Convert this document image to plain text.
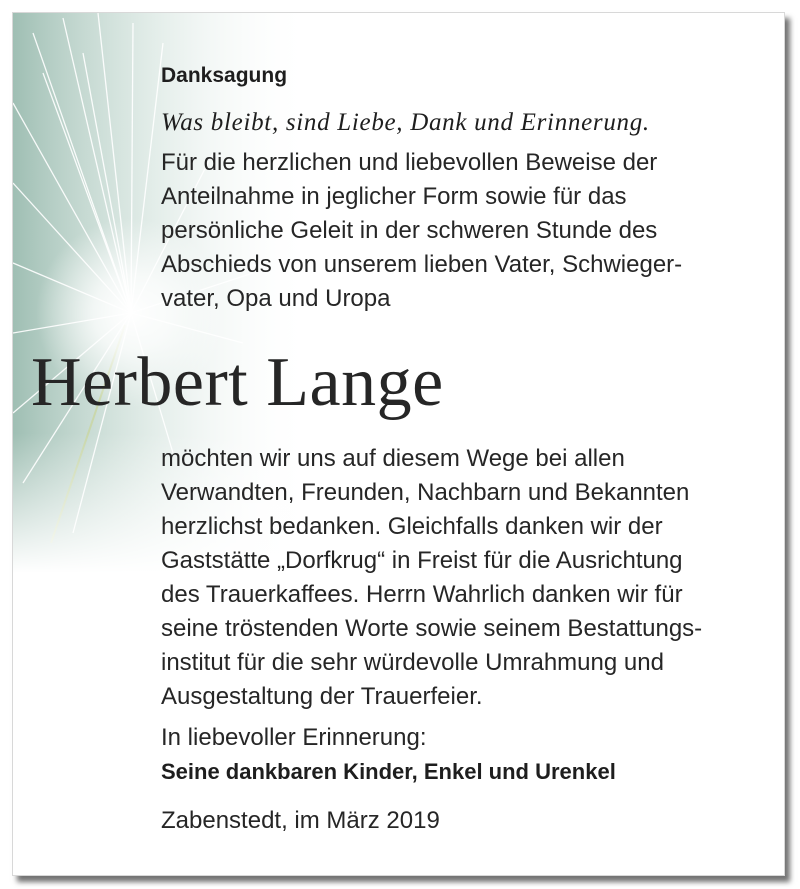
Danksagung
Was bleibt, sind Liebe, Dank und Erinnerung.
Für die herzlichen und liebevollen Beweise der
Anteilnahme in jeglicher Form sowie für das
persönliche Geleit in der schweren Stunde des
Abschieds von unserem lieben Vater, Schwieger-
vater, Opa und Uropa
Herbert Lange
möchten wir uns auf diesem Wege bei allen
Verwandten, Freunden, Nachbarn und Bekannten
herzlichst bedanken. Gleichfalls danken wir der
Gaststätte „Dorfkrug“ in Freist für die Ausrichtung
des Trauerkaffees. Herrn Wahrlich danken wir für
seine tröstenden Worte sowie seinem Bestattungs-
institut für die sehr würdevolle Umrahmung und
Ausgestaltung der Trauerfeier.
In liebevoller Erinnerung:
Seine dankbaren Kinder, Enkel und Urenkel
Zabenstedt, im März 2019
